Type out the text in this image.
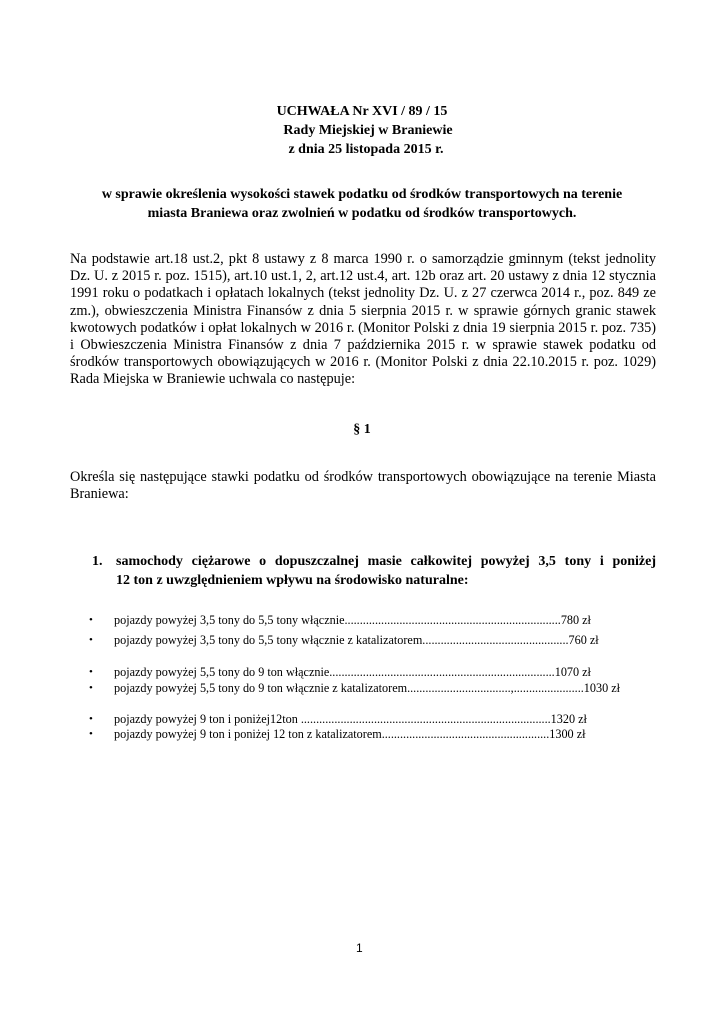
UCHWAŁA Nr XVI / 89 / 15
Rady Miejskiej w Braniewie
z dnia 25 listopada 2015 r.
w sprawie określenia wysokości stawek podatku od środków transportowych na terenie
miasta Braniewa oraz zwolnień w podatku od środków transportowych.
Na podstawie art.18 ust.2, pkt 8 ustawy z 8 marca 1990 r. o samorządzie gminnym (tekst jednolity Dz. U. z 2015 r. poz. 1515), art.10 ust.1, 2, art.12 ust.4, art. 12b oraz art. 20 ustawy z dnia 12 stycznia 1991 roku o podatkach i opłatach lokalnych (tekst jednolity Dz. U. z 27 czerwca 2014 r., poz. 849 ze zm.), obwieszczenia Ministra Finansów z dnia 5 sierpnia 2015 r. w sprawie górnych granic stawek kwotowych podatków i opłat lokalnych w 2016 r. (Monitor Polski z dnia 19 sierpnia 2015 r. poz. 735) i Obwieszczenia Ministra Finansów z dnia 7 października 2015 r. w sprawie stawek podatku od środków transportowych obowiązujących w 2016 r. (Monitor Polski z dnia 22.10.2015 r. poz. 1029) Rada Miejska w Braniewie uchwala co następuje:
§ 1
Określa się następujące stawki podatku od środków transportowych obowiązujące na terenie Miasta Braniewa:
1. samochody ciężarowe o dopuszczalnej masie całkowitej powyżej 3,5 tony i poniżej
12 ton z uwzględnieniem wpływu na środowisko naturalne:
• pojazdy powyżej 3,5 tony do 5,5 tony włącznie.......................................................................780 zł
• pojazdy powyżej 3,5 tony do 5,5 tony włącznie z katalizatorem................................................760 zł
• pojazdy powyżej 5,5 tony do 9 ton włącznie..........................................................................1070 zł
• pojazdy powyżej 5,5 tony do 9 ton włącznie z katalizatorem..................................,.......................1030 zł
• pojazdy powyżej 9 ton i poniżej12ton ..................................................................................1320 zł
• pojazdy powyżej 9 ton i poniżej 12 ton z katalizatorem.......................................................1300 zł
1
